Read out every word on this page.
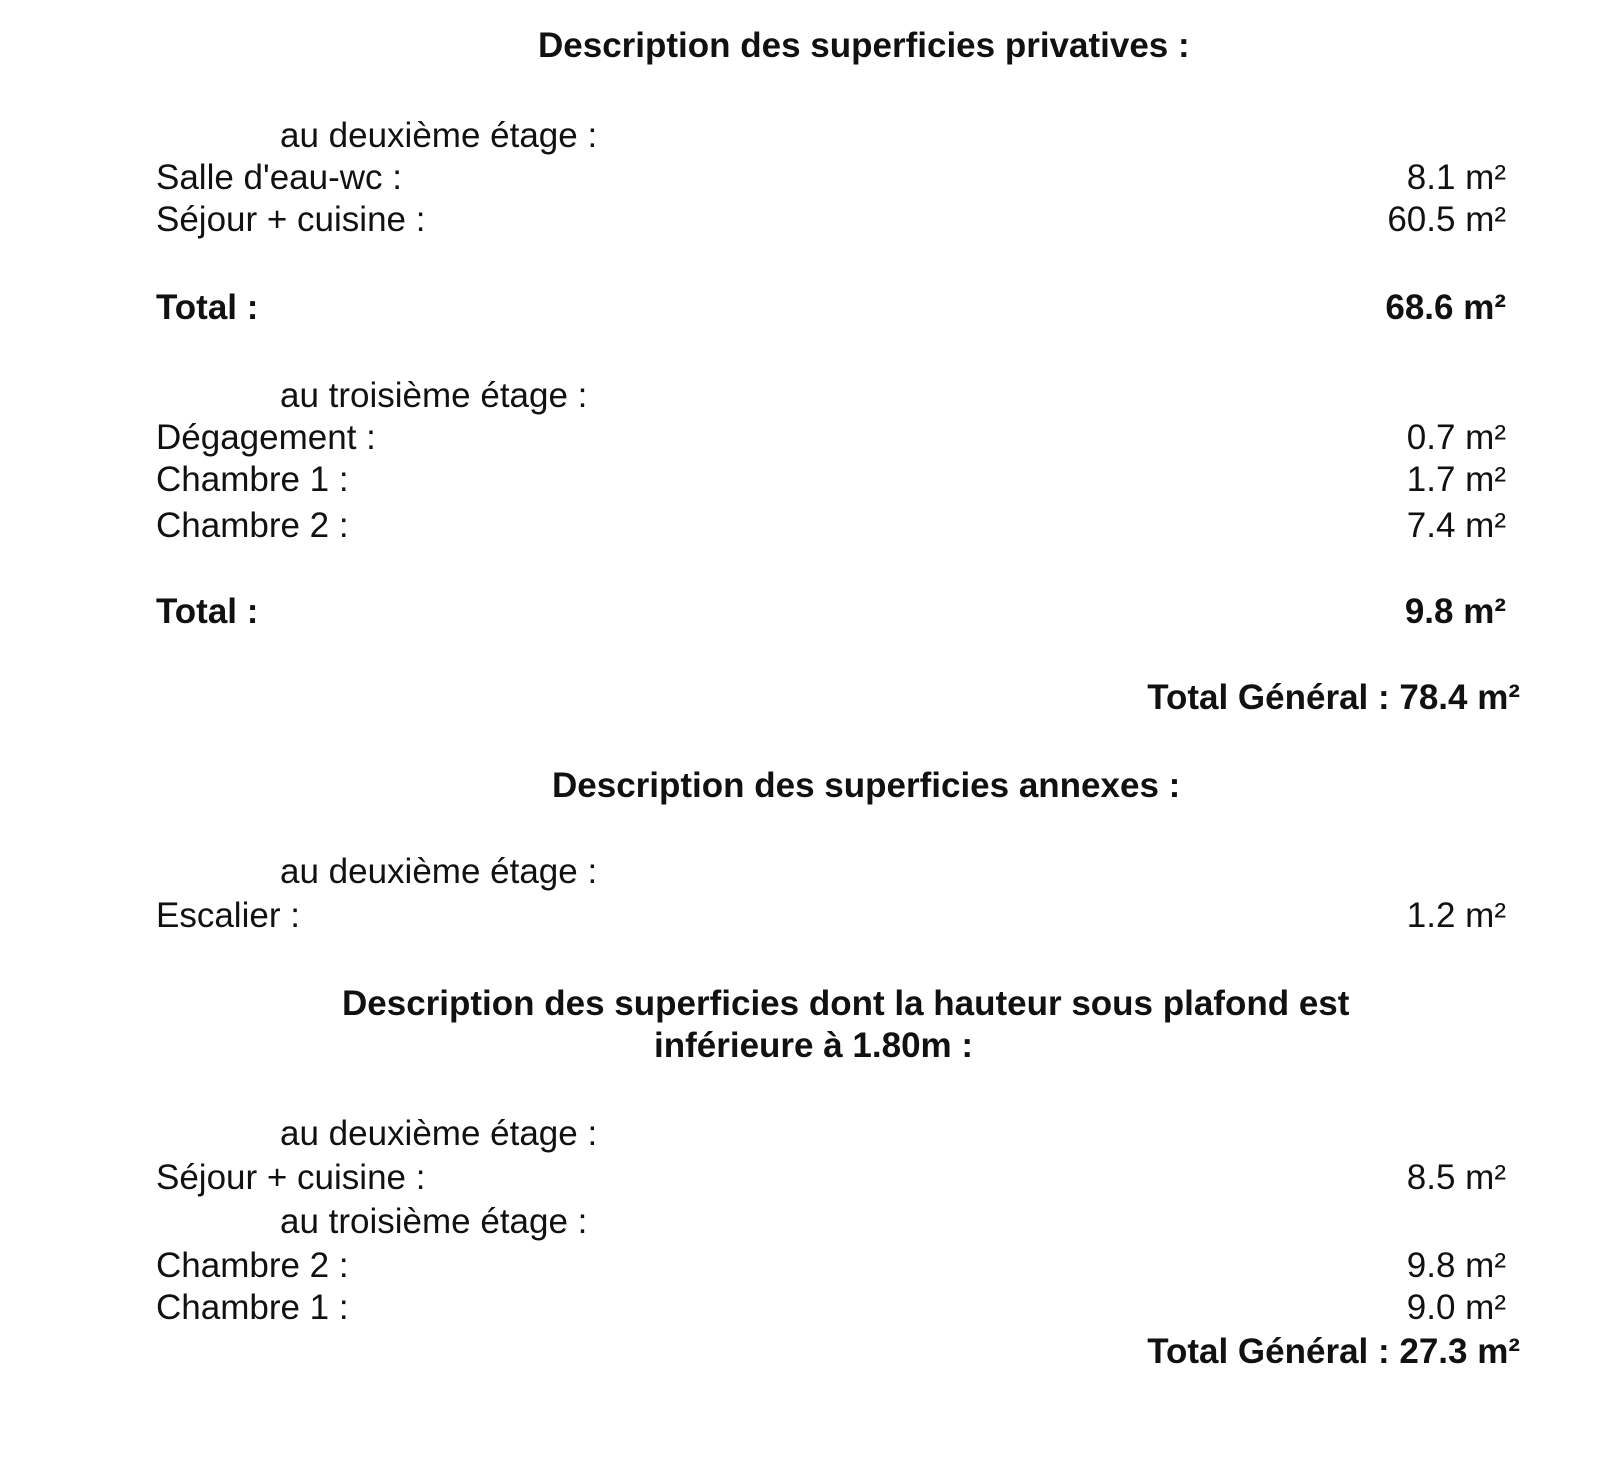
Description des superficies privatives :
au deuxième étage :
Salle d'eau-wc :	8.1 m²
Séjour + cuisine :	60.5 m²
Total :	68.6 m²
au troisième étage :
Dégagement :	0.7 m²
Chambre 1 :	1.7 m²
Chambre 2 :	7.4 m²
Total :	9.8 m²
Total Général : 78.4 m²
Description des superficies annexes :
au deuxième étage :
Escalier :	1.2 m²
Description des superficies dont la hauteur sous plafond est
inférieure à 1.80m :
au deuxième étage :
Séjour + cuisine :	8.5 m²
au troisième étage :
Chambre 2 :	9.8 m²
Chambre 1 :	9.0 m²
Total Général : 27.3 m²
